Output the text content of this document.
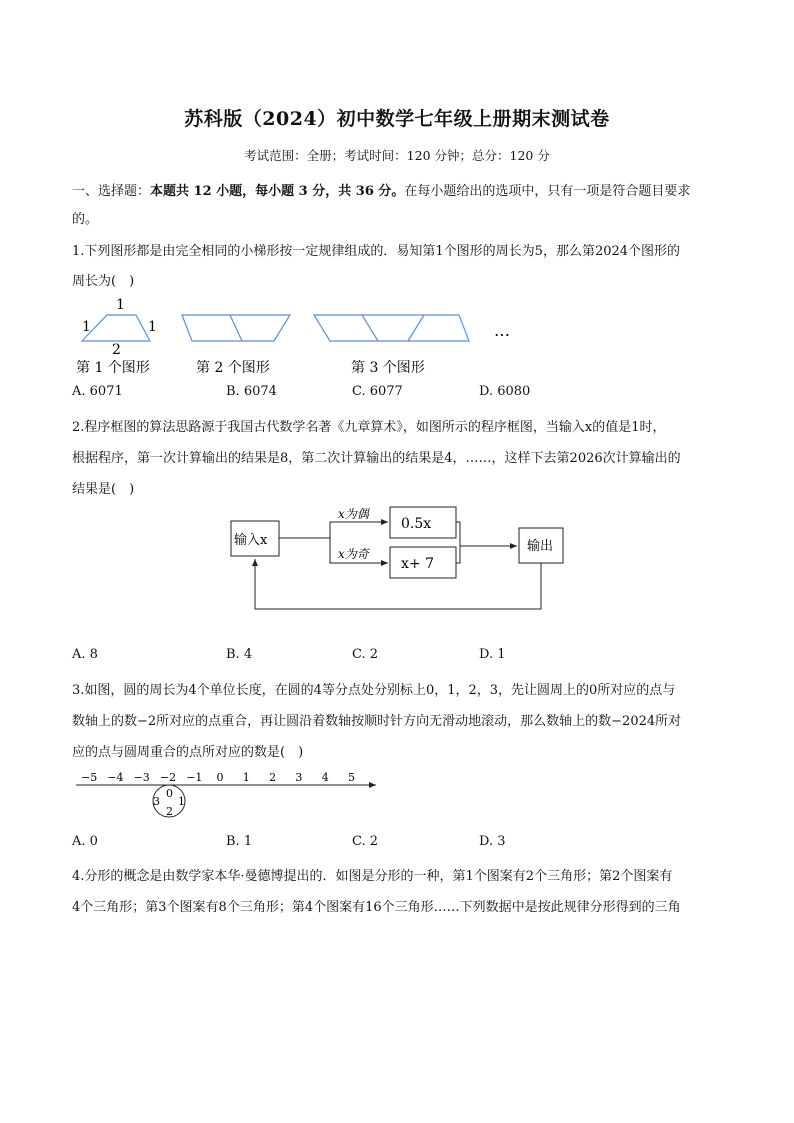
苏科版（2024）初中数学七年级上册期末测试卷
考试范围：全册；考试时间：120 分钟；总分：120 分
一、选择题：本题共 12 小题，每小题 3 分，共 36 分。在每小题给出的选项中，只有一项是符合题目要求
的。
1.下列图形都是由完全相同的小梯形按一定规律组成的．易知第1个图形的周长为5，那么第2024个图形的
周长为(　)
1
1	1
2
…
第 1 个图形	第 2 个图形	第 3 个图形
A. 6071	B. 6074	C. 6077	D. 6080
2.程序框图的算法思路源于我国古代数学名著《九章算术》，如图所示的程序框图，当输入x的值是1时，
根据程序，第一次计算输出的结果是8，第二次计算输出的结果是4，……，这样下去第2026次计算输出的
结果是(　)
输入x
x为偶
x为奇
0.5x
x+ 7
输出
A. 8	B. 4	C. 2	D. 1
3.如图，圆的周长为4个单位长度，在圆的4等分点处分别标上0，1，2，3，先让圆周上的0所对应的点与
数轴上的数−2所对应的点重合，再让圆沿着数轴按顺时针方向无滑动地滚动，那么数轴上的数−2024所对
应的点与圆周重合的点所对应的数是(　)
−5 −4 −3 −2 −1 0 1 2 3 4 5
0
1
2
3
A. 0	B. 1	C. 2	D. 3
4.分形的概念是由数学家本华·曼德博提出的．如图是分形的一种，第1个图案有2个三角形；第2个图案有
4个三角形；第3个图案有8个三角形；第4个图案有16个三角形……下列数据中是按此规律分形得到的三角
